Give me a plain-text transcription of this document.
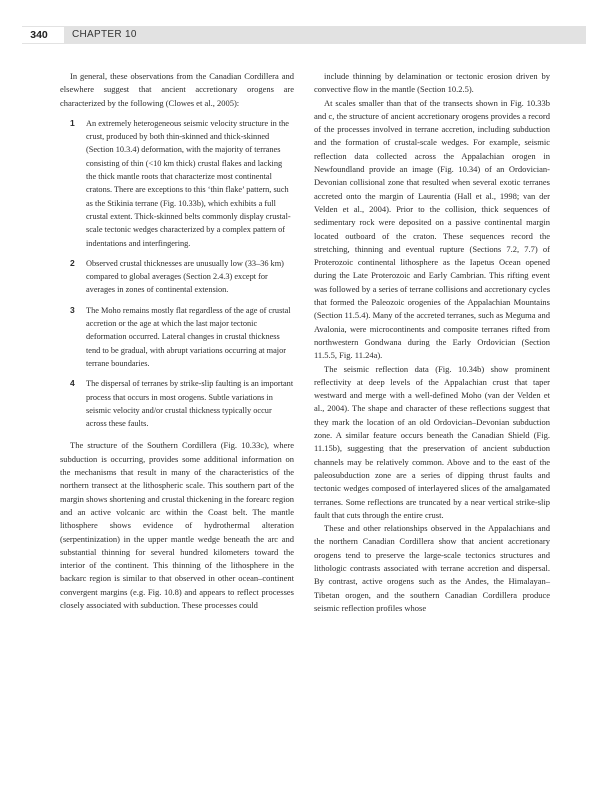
340	CHAPTER 10

In general, these observations from the Canadian Cordillera and elsewhere suggest that ancient accretionary orogens are characterized by the following (Clowes et al., 2005):

1 An extremely heterogeneous seismic velocity structure in the crust, produced by both thin-skinned and thick-skinned (Section 10.3.4) deformation, with the majority of terranes consisting of thin (<10 km thick) crustal flakes and lacking the thick mantle roots that characterize most continental cratons. There are exceptions to this ‘thin flake’ pattern, such as the Stikinia terrane (Fig. 10.33b), which exhibits a full crustal extent. Thick-skinned belts commonly display crustal-scale tectonic wedges characterized by a complex pattern of indentations and interfingering.
2 Observed crustal thicknesses are unusually low (33–36 km) compared to global averages (Section 2.4.3) except for averages in zones of continental extension.
3 The Moho remains mostly flat regardless of the age of crustal accretion or the age at which the last major tectonic deformation occurred. Lateral changes in crustal thickness tend to be gradual, with abrupt variations occurring at major terrane boundaries.
4 The dispersal of terranes by strike-slip faulting is an important process that occurs in most orogens. Subtle variations in seismic velocity and/or crustal thickness typically occur across these faults.

The structure of the Southern Cordillera (Fig. 10.33c), where subduction is occurring, provides some additional information on the mechanisms that result in many of the characteristics of the northern transect at the lithospheric scale. This southern part of the margin shows shortening and crustal thickening in the forearc region and an active volcanic arc within the Coast belt. The mantle lithosphere shows evidence of hydrothermal alteration (serpentinization) in the upper mantle wedge beneath the arc and substantial thinning for several hundred kilometers toward the interior of the continent. This thinning of the lithosphere in the backarc region is similar to that observed in other ocean–continent convergent margins (e.g. Fig. 10.8) and appears to reflect processes closely associated with subduction. These processes could

include thinning by delamination or tectonic erosion driven by convective flow in the mantle (Section 10.2.5).

At scales smaller than that of the transects shown in Fig. 10.33b and c, the structure of ancient accretionary orogens provides a record of the processes involved in terrane accretion, including subduction and the formation of crustal-scale wedges. For example, seismic reflection data collected across the Appalachian orogen in Newfoundland provide an image (Fig. 10.34) of an Ordovician-Devonian collisional zone that resulted when several exotic terranes accreted onto the margin of Laurentia (Hall et al., 1998; van der Velden et al., 2004). Prior to the collision, thick sequences of sedimentary rock were deposited on a passive continental margin located outboard of the craton. These sequences record the stretching, thinning and eventual rupture (Sections 7.2, 7.7) of Proterozoic continental lithosphere as the Iapetus Ocean opened during the Late Proterozoic and Early Cambrian. This rifting event was followed by a series of terrane collisions and accretionary cycles that formed the Paleozoic orogenies of the Appalachian Mountains (Section 11.5.4). Many of the accreted terranes, such as Meguma and Avalonia, were microcontinents and composite terranes rifted from northwestern Gondwana during the Early Ordovician (Section 11.5.5, Fig. 11.24a).

The seismic reflection data (Fig. 10.34b) show prominent reflectivity at deep levels of the Appalachian crust that taper westward and merge with a well-defined Moho (van der Velden et al., 2004). The shape and character of these reflections suggest that they mark the location of an old Ordovician–Devonian subduction zone. A similar feature occurs beneath the Canadian Shield (Fig. 11.15b), suggesting that the preservation of ancient subduction channels may be relatively common. Above and to the east of the paleosubduction zone are a series of dipping thrust faults and tectonic wedges composed of interlayered slices of the amalgamated terranes. Some reflections are truncated by a near vertical strike-slip fault that cuts through the entire crust.

These and other relationships observed in the Appalachians and the northern Canadian Cordillera show that ancient accretionary orogens tend to preserve the large-scale tectonics structures and lithologic contrasts associated with terrane accretion and dispersal. By contrast, active orogens such as the Andes, the Himalayan–Tibetan orogen, and the southern Canadian Cordillera produce seismic reflection profiles whose
